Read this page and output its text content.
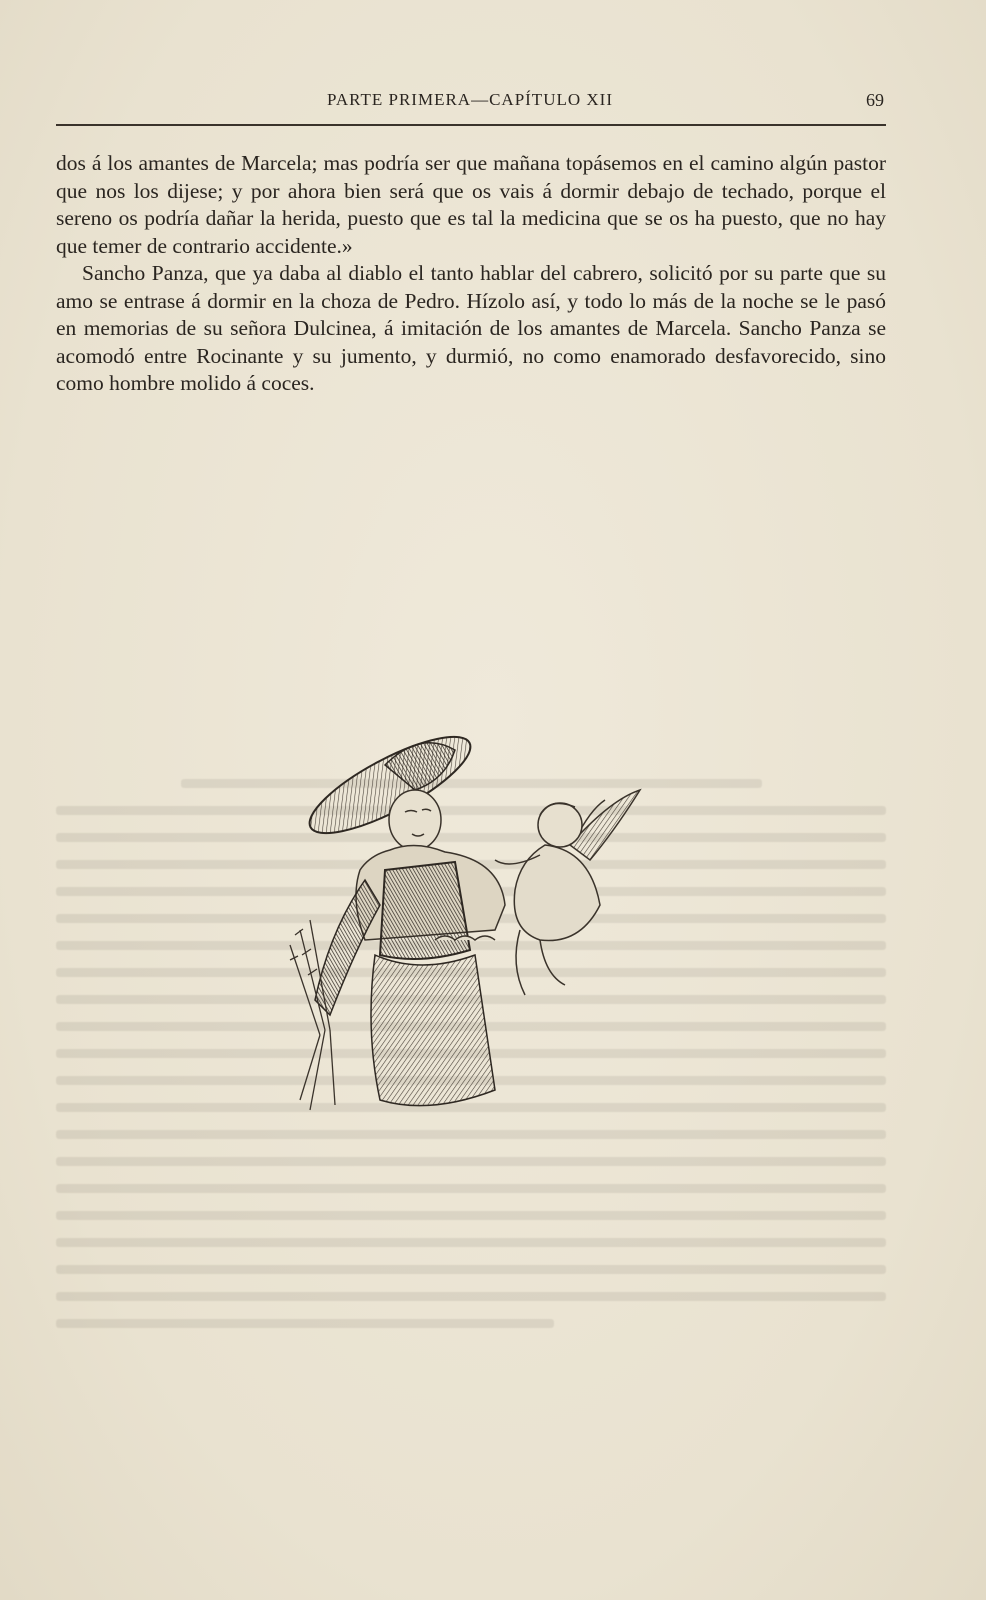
PARTE PRIMERA—CAPÍTULO XII	69

dos á los amantes de Marcela; mas podría ser que mañana topásemos en el camino algún pastor que nos los dijese; y por ahora bien será que os vais á dormir debajo de techado, porque el sereno os podría dañar la herida, puesto que es tal la medicina que se os ha puesto, que no hay que temer de contrario accidente.»

Sancho Panza, que ya daba al diablo el tanto hablar del cabrero, solicitó por su parte que su amo se entrase á dormir en la choza de Pedro. Hízolo así, y todo lo más de la noche se le pasó en memorias de su señora Dulcinea, á imitación de los amantes de Marcela. Sancho Panza se acomodó entre Rocinante y su jumento, y durmió, no como enamorado desfavorecido, sino como hombre molido á coces.
